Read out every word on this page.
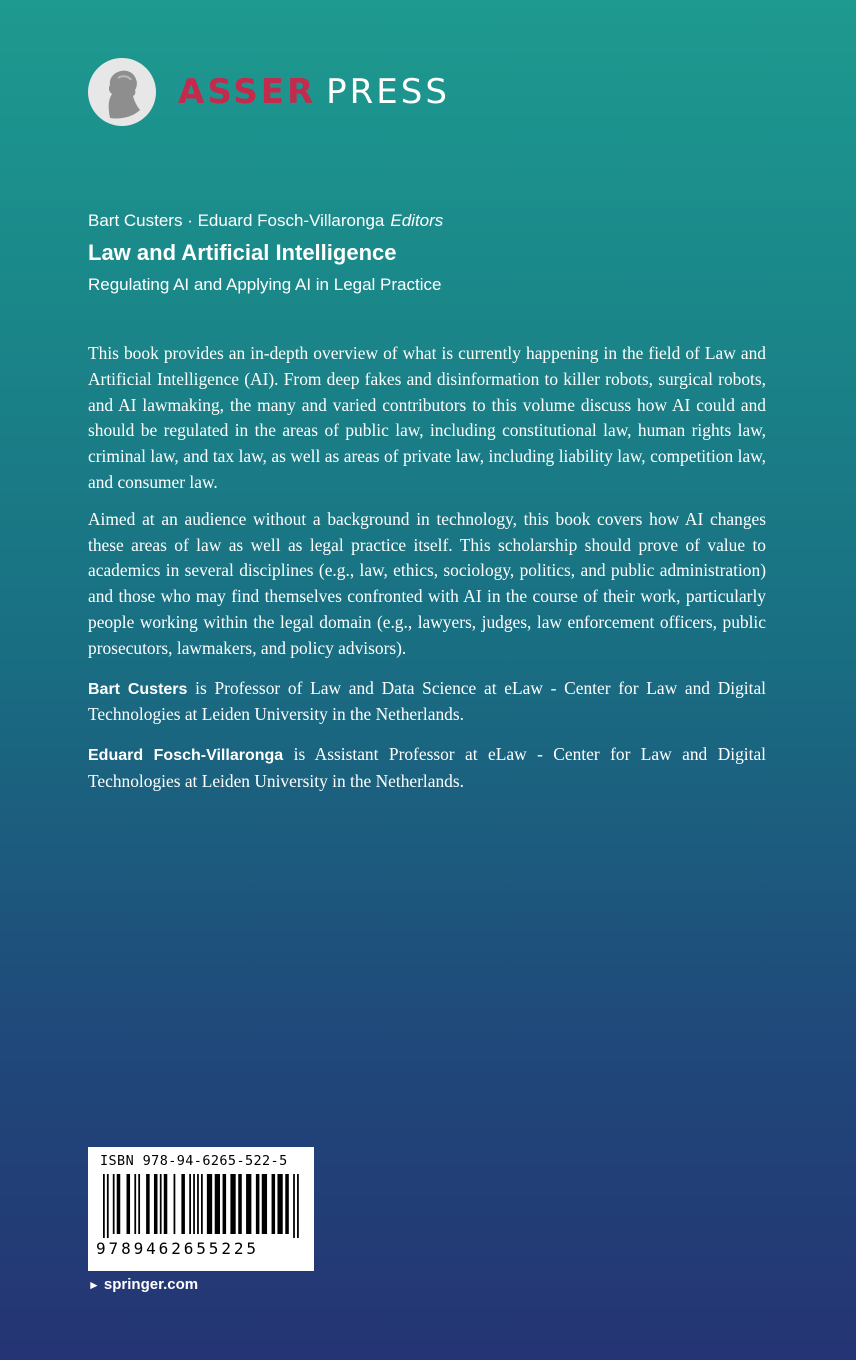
ASSER PRESS
Bart Custers · Eduard Fosch-Villaronga Editors
Law and Artificial Intelligence
Regulating AI and Applying AI in Legal Practice

This book provides an in-depth overview of what is currently happening in the field of Law and Artificial Intelligence (AI). From deep fakes and disinformation to killer robots, surgical robots, and AI lawmaking, the many and varied contributors to this volume discuss how AI could and should be regulated in the areas of public law, including constitutional law, human rights law, criminal law, and tax law, as well as areas of private law, including liability law, competition law, and consumer law.

Aimed at an audience without a background in technology, this book covers how AI changes these areas of law as well as legal practice itself. This scholarship should prove of value to academics in several disciplines (e.g., law, ethics, sociology, politics, and public administration) and those who may find themselves confronted with AI in the course of their work, particularly people working within the legal domain (e.g., lawyers, judges, law enforcement officers, public prosecutors, lawmakers, and policy advisors).

Bart Custers is Professor of Law and Data Science at eLaw - Center for Law and Digital Technologies at Leiden University in the Netherlands.

Eduard Fosch-Villaronga is Assistant Professor at eLaw - Center for Law and Digital Technologies at Leiden University in the Netherlands.

ISBN 978-94-6265-522-5
9789462655225
► springer.com
